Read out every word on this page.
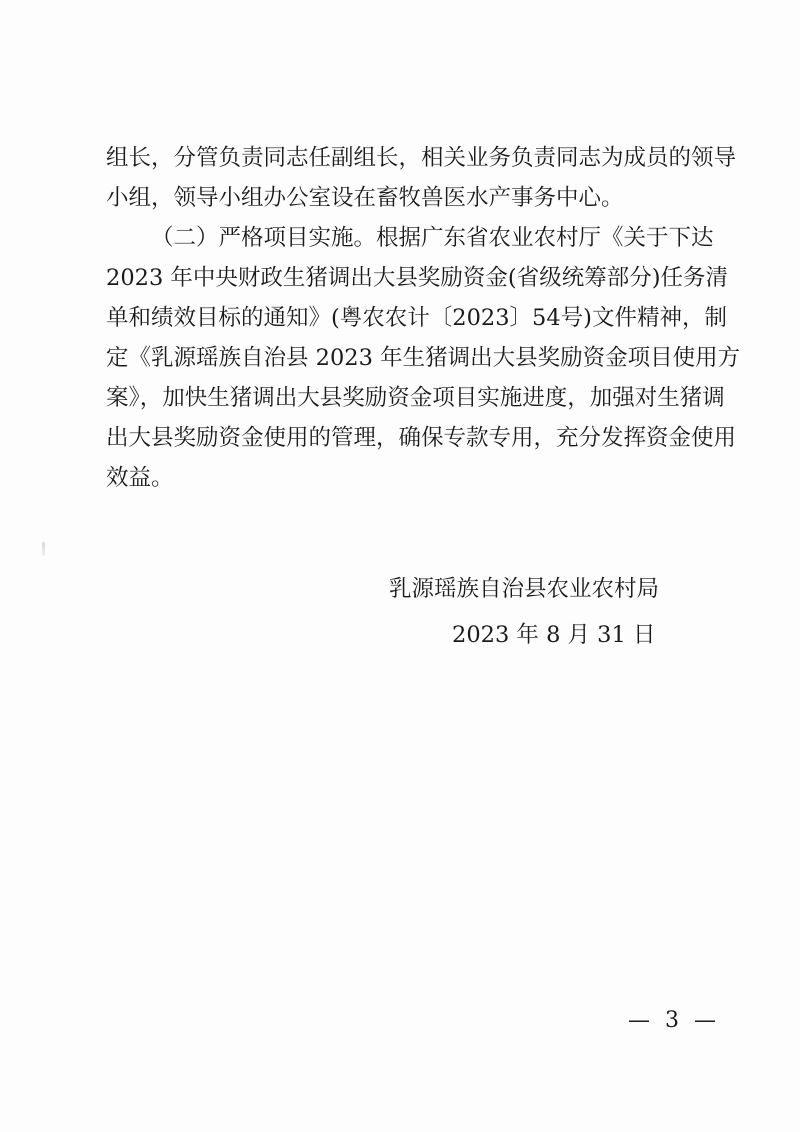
组长，分管负责同志任副组长，相关业务负责同志为成员的领导
小组，领导小组办公室设在畜牧兽医水产事务中心。
（二）严格项目实施。根据广东省农业农村厅《关于下达
2023 年中央财政生猪调出大县奖励资金(省级统筹部分)任务清
单和绩效目标的通知》(粤农农计〔2023〕54号)文件精神，制
定《乳源瑶族自治县 2023 年生猪调出大县奖励资金项目使用方
案》，加快生猪调出大县奖励资金项目实施进度，加强对生猪调
出大县奖励资金使用的管理，确保专款专用，充分发挥资金使用
效益。
乳源瑶族自治县农业农村局
2023 年 8 月 31 日
— 3 —
